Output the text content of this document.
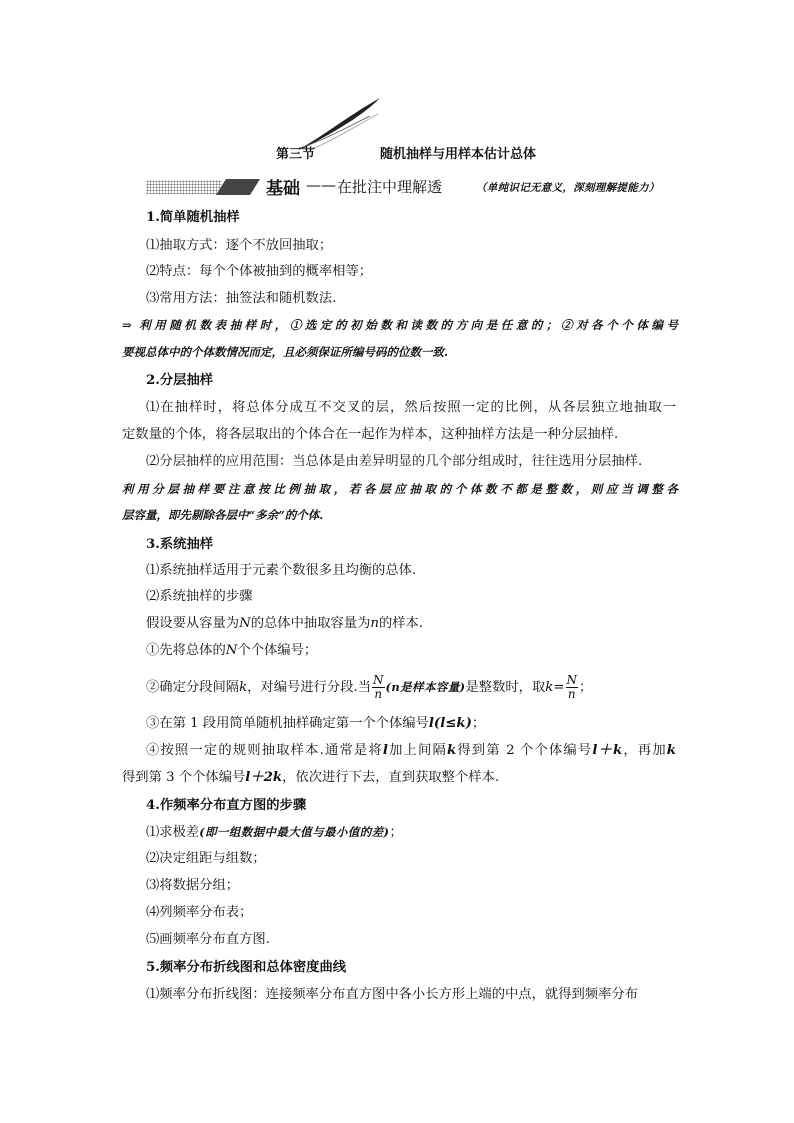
第三节	随机抽样与用样本估计总体
基础 —— 在批注中理解透	（单纯识记无意义，深刻理解提能力）
1.简单随机抽样
⑴抽取方式：逐个不放回抽取；
⑵特点：每个个体被抽到的概率相等；
⑶常用方法：抽签法和随机数法.
⇒ 利用随机数表抽样时，①选定的初始数和读数的方向是任意的；②对各个个体编号
要视总体中的个体数情况而定，且必须保证所编号码的位数一致.
2.分层抽样
⑴在抽样时，将总体分成互不交叉的层，然后按照一定的比例，从各层独立地抽取一
定数量的个体，将各层取出的个体合在一起作为样本，这种抽样方法是一种分层抽样.
⑵分层抽样的应用范围：当总体是由差异明显的几个部分组成时，往往选用分层抽样.
利用分层抽样要注意按比例抽取，若各层应抽取的个体数不都是整数，则应当调整各
层容量，即先剔除各层中“多余”的个体.
3.系统抽样
⑴系统抽样适用于元素个数很多且均衡的总体.
⑵系统抽样的步骤
假设要从容量为N的总体中抽取容量为n的样本.
①先将总体的N个个体编号；
②确定分段间隔k，对编号进行分段.当 $\frac{N}{n} (n$是样本容量)是整数时，取$k= \frac{N}{n}$ ；
③在第 1 段用简单随机抽样确定第一个个体编号l(l≤k)；
④按照一定的规则抽取样本.通常是将l加上间隔k得到第 2 个个体编号l＋k，再加k
得到第 3 个个体编号l＋2k，依次进行下去，直到获取整个样本.
4.作频率分布直方图的步骤
⑴求极差(即一组数据中最大值与最小值的差)；
⑵决定组距与组数；
⑶将数据分组；
⑷列频率分布表；
⑸画频率分布直方图.
5.频率分布折线图和总体密度曲线
⑴频率分布折线图：连接频率分布直方图中各小长方形上端的中点，就得到频率分布
